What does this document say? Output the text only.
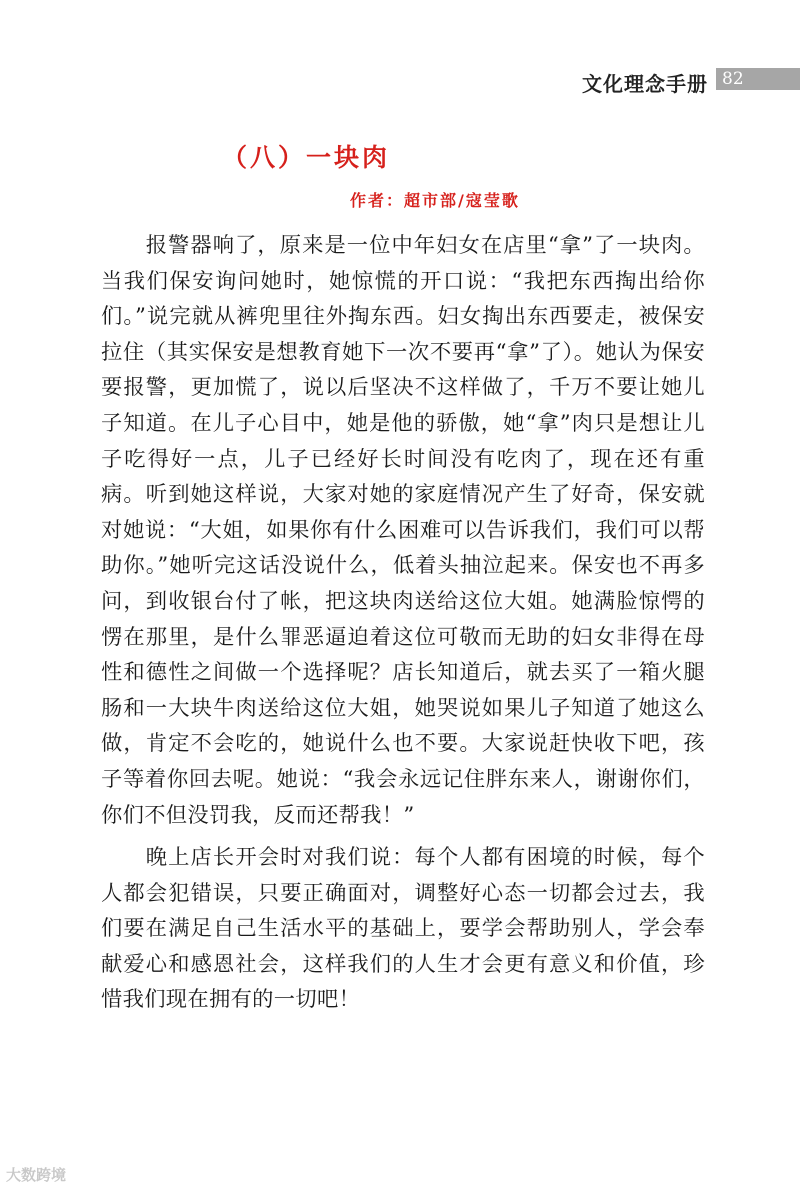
文化理念手册 82
（八）一块肉
作者：超市部/寇莹歌

报警器响了，原来是一位中年妇女在店里“拿”了一块肉。当我们保安询问她时，她惊慌的开口说：“我把东西掏出给你们。”说完就从裤兜里往外掏东西。妇女掏出东西要走，被保安拉住（其实保安是想教育她下一次不要再“拿”了）。她认为保安要报警，更加慌了，说以后坚决不这样做了，千万不要让她儿子知道。在儿子心目中，她是他的骄傲，她“拿”肉只是想让儿子吃得好一点，儿子已经好长时间没有吃肉了，现在还有重病。听到她这样说，大家对她的家庭情况产生了好奇，保安就对她说：“大姐，如果你有什么困难可以告诉我们，我们可以帮助你。”她听完这话没说什么，低着头抽泣起来。保安也不再多问，到收银台付了帐，把这块肉送给这位大姐。她满脸惊愕的愣在那里，是什么罪恶逼迫着这位可敬而无助的妇女非得在母性和德性之间做一个选择呢？店长知道后，就去买了一箱火腿肠和一大块牛肉送给这位大姐，她哭说如果儿子知道了她这么做，肯定不会吃的，她说什么也不要。大家说赶快收下吧，孩子等着你回去呢。她说：“我会永远记住胖东来人，谢谢你们，你们不但没罚我，反而还帮我！”

晚上店长开会时对我们说：每个人都有困境的时候，每个人都会犯错误，只要正确面对，调整好心态一切都会过去，我们要在满足自己生活水平的基础上，要学会帮助别人，学会奉献爱心和感恩社会，这样我们的人生才会更有意义和价值，珍惜我们现在拥有的一切吧！

大数跨境
